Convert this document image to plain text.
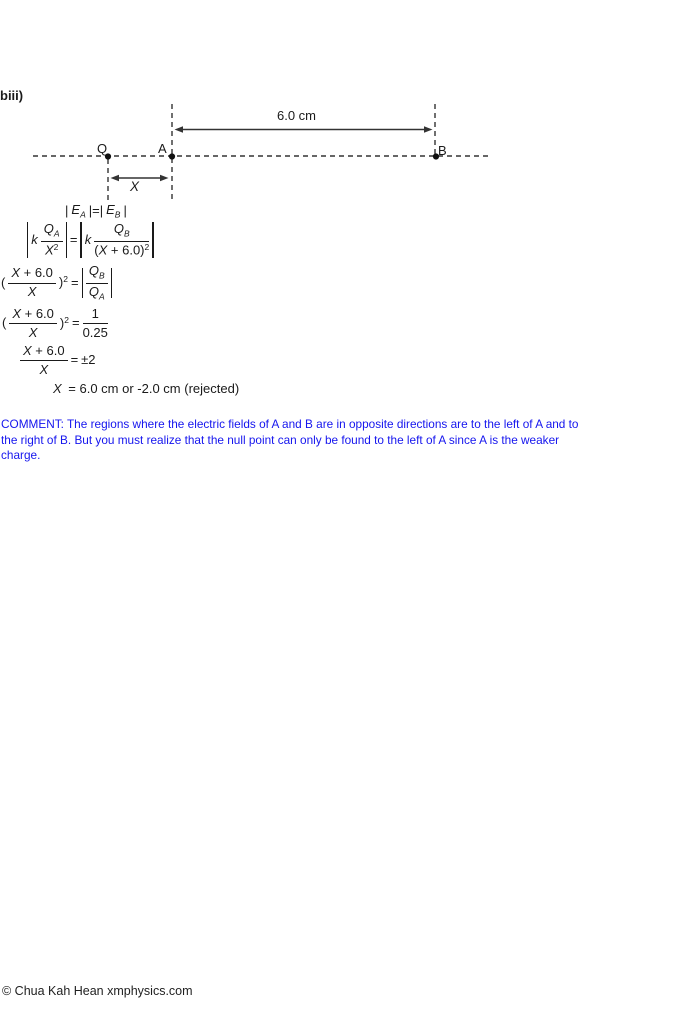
biii)
6.0 cm
Q	A	B
X
| $E_A$ |=| $E_B$ |
k $\frac{Q_A}{X^2} = k \frac{Q_B}{(X + 6.0)^2}$
( $\frac{X + 6.0}{X} )^2 = \frac{Q_B}{Q_A}$
( $\frac{X + 6.0}{X} )^2 = \frac{1}{0.25}$
$\frac{X + 6.0}{X} = \pm 2$
X = 6.0 cm or -2.0 cm (rejected)
COMMENT: The regions where the electric fields of A and B are in opposite directions are to the left of A and to
the right of B. But you must realize that the null point can only be found to the left of A since A is the weaker
charge.
© Chua Kah Hean xmphysics.com
